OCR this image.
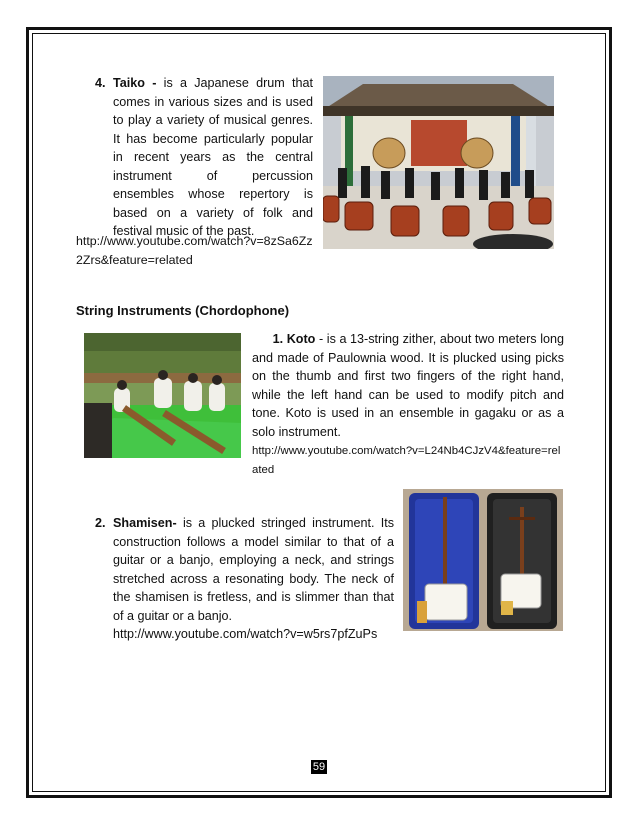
4. Taiko - is a Japanese drum that comes in various sizes and is used to play a variety of musical genres. It has become particularly popular in recent years as the central instrument of percussion ensembles whose repertory is based on a variety of folk and festival music of the past.
http://www.youtube.com/watch?v=8zSa6Zz2Zrs&feature=related
String Instruments (Chordophone)
1. Koto - is a 13-string zither, about two meters long and made of Paulownia wood. It is plucked using picks on the thumb and first two fingers of the right hand, while the left hand can be used to modify pitch and tone. Koto is used in an ensemble in gagaku or as a solo instrument.
http://www.youtube.com/watch?v=L24Nb4CJzV4&feature=related
2. Shamisen- is a plucked stringed instrument. Its construction follows a model similar to that of a guitar or a banjo, employing a neck, and strings stretched across a resonating body. The neck of the shamisen is fretless, and is slimmer than that of a guitar or a banjo.
http://www.youtube.com/watch?v=w5rs7pfZuPs
59
